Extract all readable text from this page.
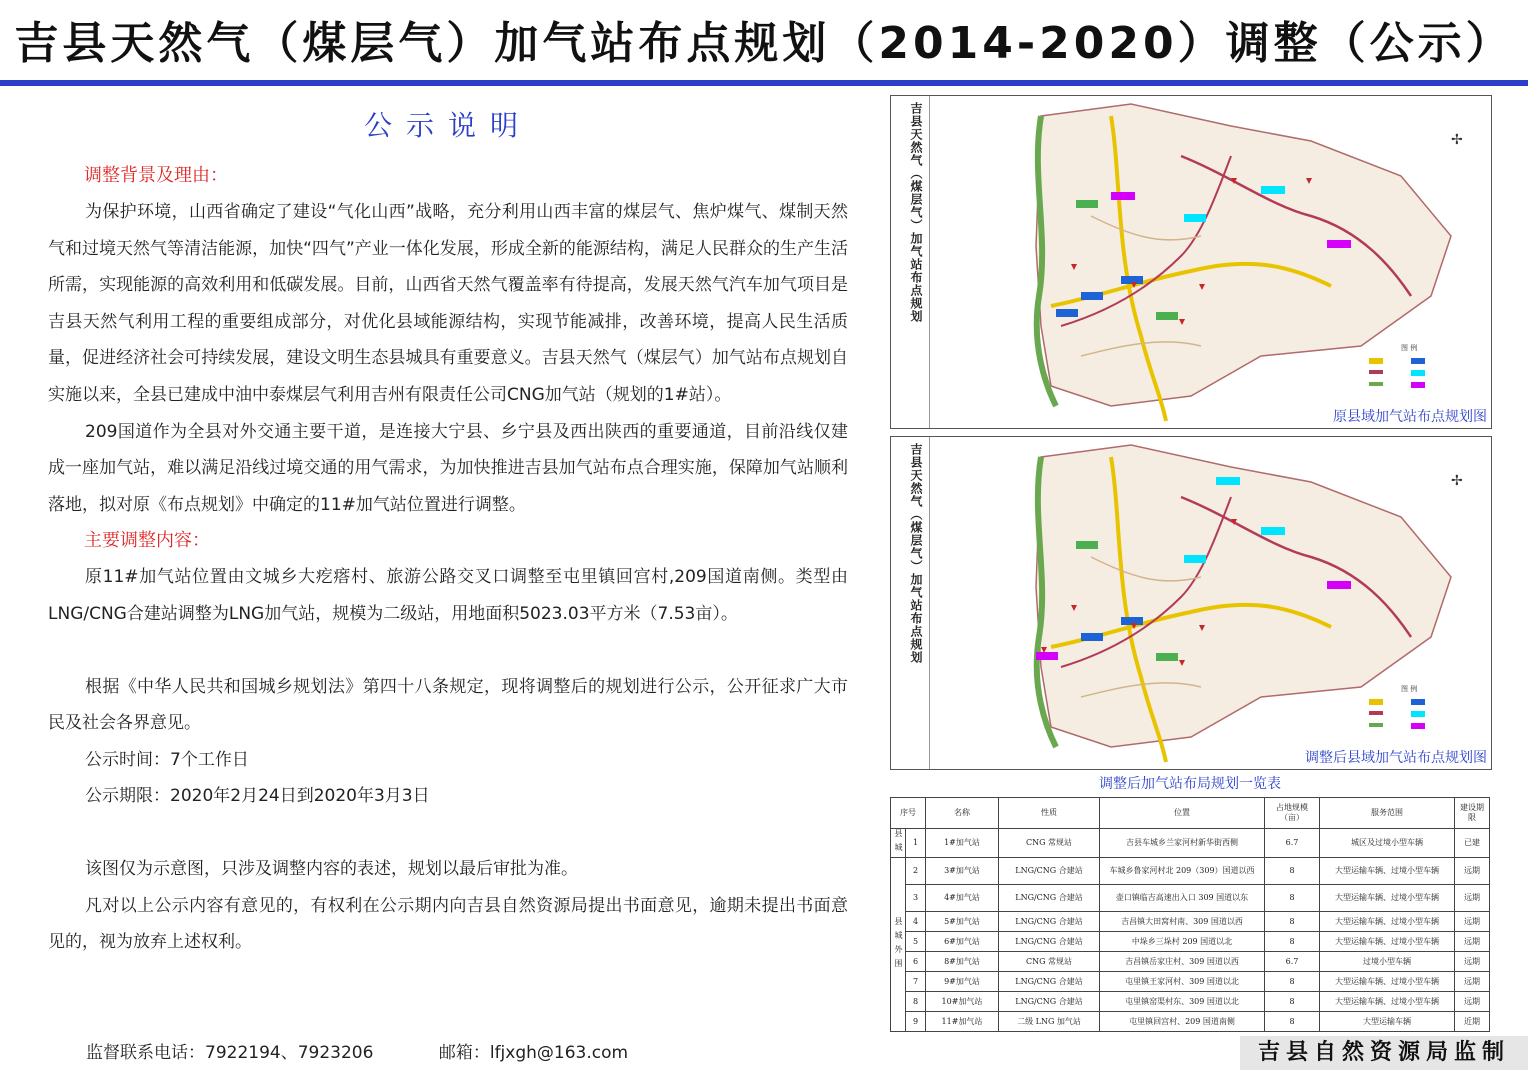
吉县天然气（煤层气）加气站布点规划（2014-2020）调整（公示）
公示说明
调整背景及理由：

为保护环境，山西省确定了建设“气化山西”战略，充分利用山西丰富的煤层气、焦炉煤气、煤制天然气和过境天然气等清洁能源，加快“四气”产业一体化发展，形成全新的能源结构，满足人民群众的生产生活所需，实现能源的高效利用和低碳发展。目前，山西省天然气覆盖率有待提高，发展天然气汽车加气项目是吉县天然气利用工程的重要组成部分，对优化县域能源结构，实现节能减排，改善环境，提高人民生活质量，促进经济社会可持续发展，建设文明生态县城具有重要意义。吉县天然气（煤层气）加气站布点规划自实施以来，全县已建成中油中泰煤层气利用吉州有限责任公司CNG加气站（规划的1#站）。

209国道作为全县对外交通主要干道，是连接大宁县、乡宁县及西出陕西的重要通道，目前沿线仅建成一座加气站，难以满足沿线过境交通的用气需求，为加快推进吉县加气站布点合理实施，保障加气站顺利落地，拟对原《布点规划》中确定的11#加气站位置进行调整。

主要调整内容：

原11#加气站位置由文城乡大疙瘩村、旅游公路交叉口调整至屯里镇回宫村,209国道南侧。类型由LNG/CNG合建站调整为LNG加气站，规模为二级站，用地面积5023.03平方米（7.53亩）。

根据《中华人民共和国城乡规划法》第四十八条规定，现将调整后的规划进行公示，公开征求广大市民及社会各界意见。

公示时间：7个工作日
公示期限：2020年2月24日到2020年3月3日

该图仅为示意图，只涉及调整内容的表述，规划以最后审批为准。

凡对以上公示内容有意见的，有权利在公示期内向吉县自然资源局提出书面意见，逾期未提出书面意见的，视为放弃上述权利。

监督联系电话：7922194、7923206	邮箱：lfjxgh@163.com
吉县天然气（煤层气）加气站布点规划	✢
图 例
原县域加气站布点规划图
吉县天然气（煤层气）加气站布点规划	✢
图 例
调整后县域加气站布点规划图
调整后加气站布局规划一览表
序号		名称	性质	位置	占地规模（亩）	服务范围	建设期限
县城	1	1#加气站	CNG 常规站	吉县车城乡兰家河村新华街西侧	6.7	城区及过境小型车辆	已建
县城外围	2	3#加气站	LNG/CNG 合建站	车城乡鲁家河村北 209（309）国道以西	8	大型运输车辆、过境小型车辆	远期
	3	4#加气站	LNG/CNG 合建站	壶口镇临吉高速出入口 309 国道以东	8	大型运输车辆、过境小型车辆	远期
	4	5#加气站	LNG/CNG 合建站	吉昌镇大田窝村南、309 国道以西	8	大型运输车辆、过境小型车辆	远期
	5	6#加气站	LNG/CNG 合建站	中垛乡三垛村 209 国道以北	8	大型运输车辆、过境小型车辆	远期
	6	8#加气站	CNG 常规站	吉昌镇岳家庄村、309 国道以西	6.7	过境小型车辆	远期
	7	9#加气站	LNG/CNG 合建站	屯里镇王家河村、309 国道以北	8	大型运输车辆、过境小型车辆	远期
	8	10#加气站	LNG/CNG 合建站	屯里镇窑渠村东、309 国道以北	8	大型运输车辆、过境小型车辆	远期
	9	11#加气站	二级 LNG 加气站	屯里镇回宫村、209 国道南侧	8	大型运输车辆	近期
吉县自然资源局监制
